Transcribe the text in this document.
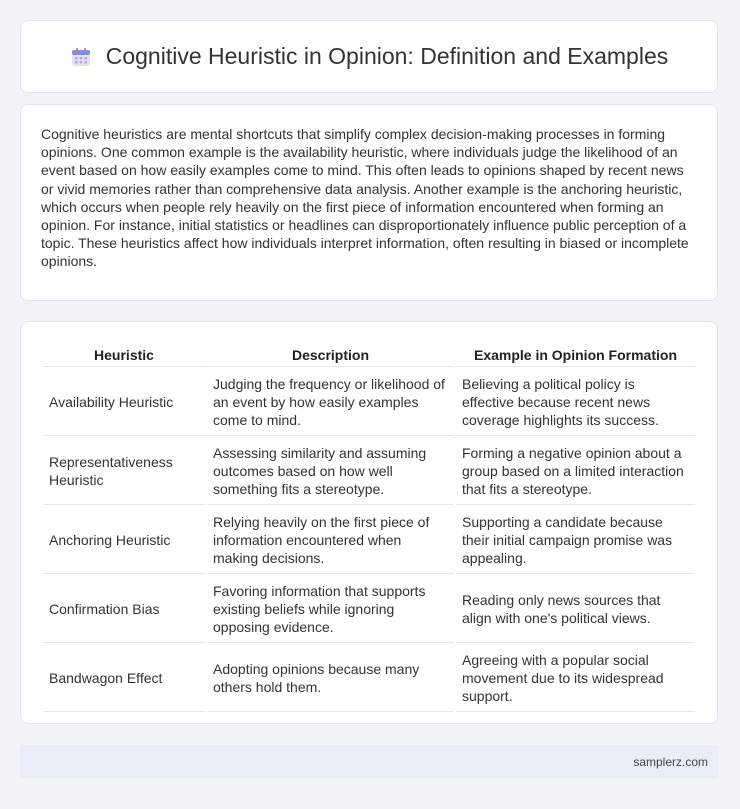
Cognitive Heuristic in Opinion: Definition and Examples

Cognitive heuristics are mental shortcuts that simplify complex decision-making processes in forming opinions. One common example is the availability heuristic, where individuals judge the likelihood of an event based on how easily examples come to mind. This often leads to opinions shaped by recent news or vivid memories rather than comprehensive data analysis. Another example is the anchoring heuristic, which occurs when people rely heavily on the first piece of information encountered when forming an opinion. For instance, initial statistics or headlines can disproportionately influence public perception of a topic. These heuristics affect how individuals interpret information, often resulting in biased or incomplete opinions.

Heuristic	Description	Example in Opinion Formation
Availability Heuristic	Judging the frequency or likelihood of an event by how easily examples come to mind.	Believing a political policy is effective because recent news coverage highlights its success.
Representativeness Heuristic	Assessing similarity and assuming outcomes based on how well something fits a stereotype.	Forming a negative opinion about a group based on a limited interaction that fits a stereotype.
Anchoring Heuristic	Relying heavily on the first piece of information encountered when making decisions.	Supporting a candidate because their initial campaign promise was appealing.
Confirmation Bias	Favoring information that supports existing beliefs while ignoring opposing evidence.	Reading only news sources that align with one's political views.
Bandwagon Effect	Adopting opinions because many others hold them.	Agreeing with a popular social movement due to its widespread support.
samplerz.com
